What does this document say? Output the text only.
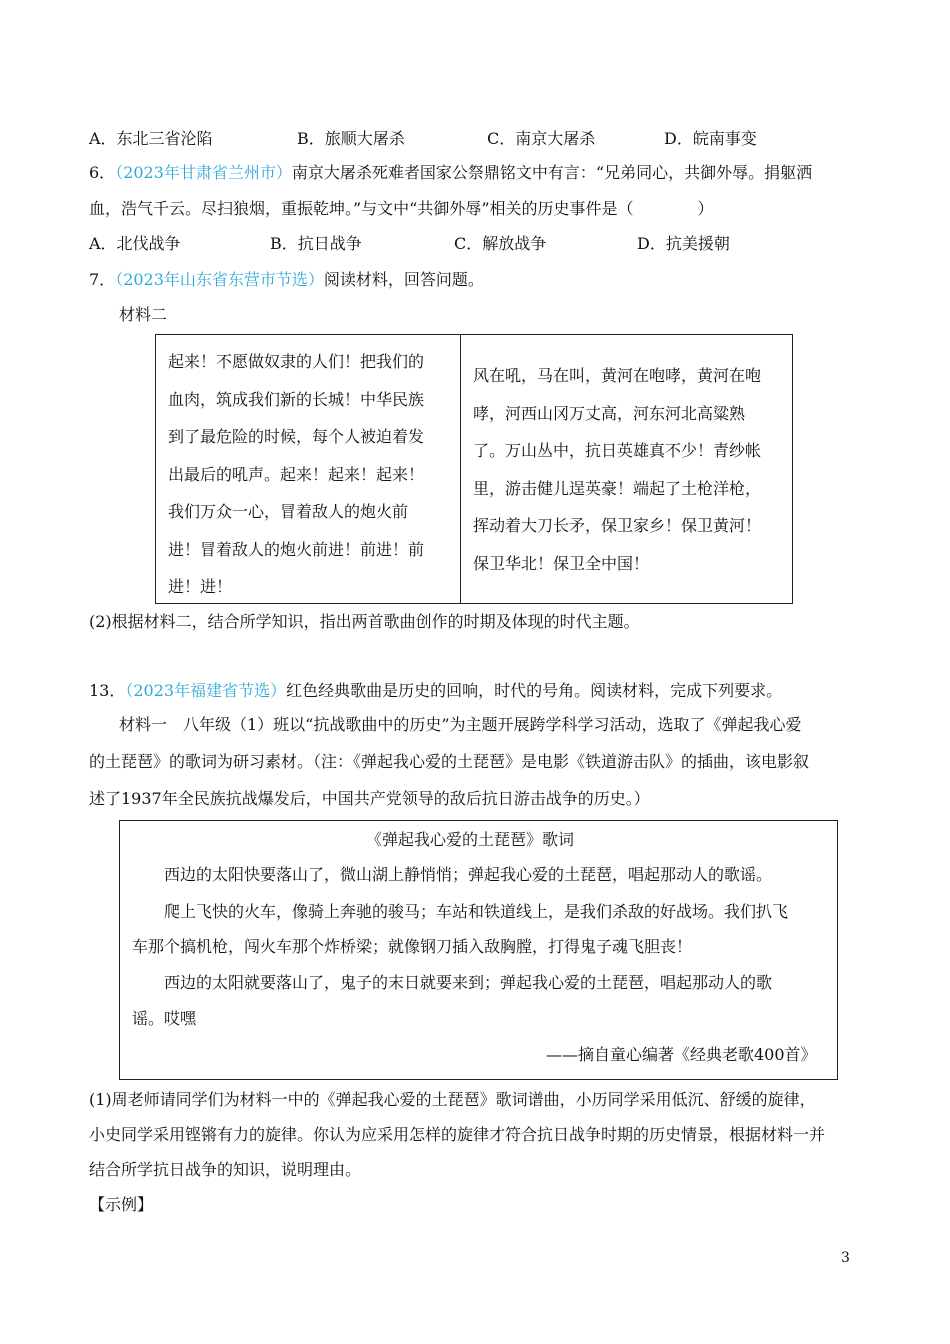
A．东北三省沦陷	B．旅顺大屠杀	C．南京大屠杀	D．皖南事变
6．（2023年甘肃省兰州市）南京大屠杀死难者国家公祭鼎铭文中有言：“兄弟同心，共御外辱。捐躯洒
血，浩气千云。尽扫狼烟，重振乾坤。”与文中“共御外辱”相关的历史事件是（　　　　）
A．北伐战争	B．抗日战争	C．解放战争	D．抗美援朝
7．（2023年山东省东营市节选）阅读材料，回答问题。
材料二
起来！不愿做奴隶的人们！把我们的
血肉，筑成我们新的长城！中华民族
到了最危险的时候，每个人被迫着发
出最后的吼声。起来！起来！起来！
我们万众一心，冒着敌人的炮火前
进！冒着敌人的炮火前进！前进！前
进！进！
风在吼，马在叫，黄河在咆哮，黄河在咆
哮，河西山冈万丈高，河东河北高粱熟
了。万山丛中，抗日英雄真不少！青纱帐
里，游击健儿逞英豪！端起了土枪洋枪，
挥动着大刀长矛，保卫家乡！保卫黄河！
保卫华北！保卫全中国！
(2)根据材料二，结合所学知识，指出两首歌曲创作的时期及体现的时代主题。
13．（2023年福建省节选）红色经典歌曲是历史的回响，时代的号角。阅读材料，完成下列要求。
材料一　八年级（1）班以“抗战歌曲中的历史”为主题开展跨学科学习活动，选取了《弹起我心爱
的土琵琶》的歌词为研习素材。（注：《弹起我心爱的土琵琶》是电影《铁道游击队》的插曲，该电影叙
述了1937年全民族抗战爆发后，中国共产党领导的敌后抗日游击战争的历史。）
《弹起我心爱的土琵琶》歌词
西边的太阳快要落山了，微山湖上静悄悄；弹起我心爱的土琵琶，唱起那动人的歌谣。
爬上飞快的火车，像骑上奔驰的骏马；车站和铁道线上，是我们杀敌的好战场。我们扒飞
车那个搞机枪，闯火车那个炸桥梁；就像钢刀插入敌胸膛，打得鬼子魂飞胆丧！
西边的太阳就要落山了，鬼子的末日就要来到；弹起我心爱的土琵琶，唱起那动人的歌
谣。哎嘿
——摘自童心编著《经典老歌400首》
(1)周老师请同学们为材料一中的《弹起我心爱的土琵琶》歌词谱曲，小历同学采用低沉、舒缓的旋律，
小史同学采用铿锵有力的旋律。你认为应采用怎样的旋律才符合抗日战争时期的历史情景，根据材料一并
结合所学抗日战争的知识，说明理由。
【示例】
3
